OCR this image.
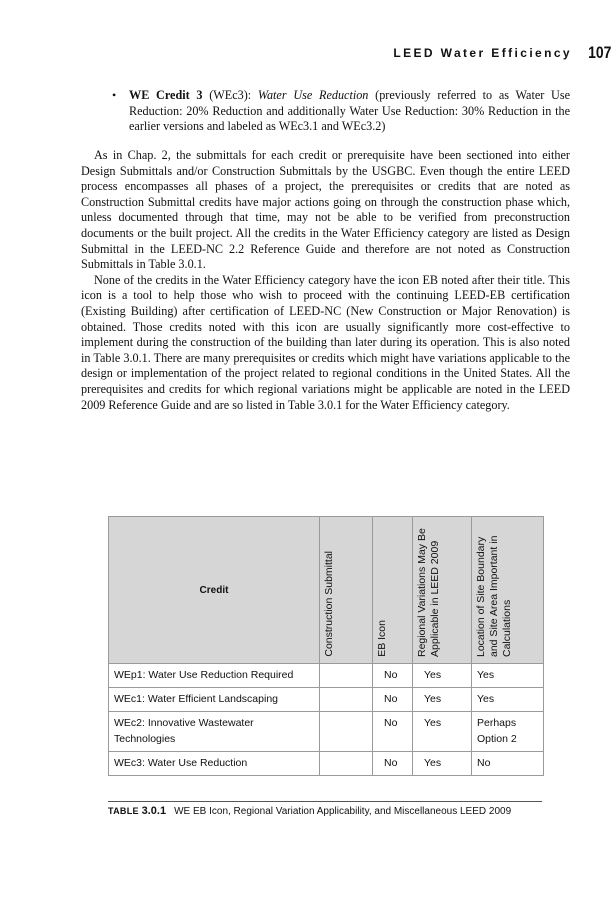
LEED Water Efficiency 107
• WE Credit 3 (WEc3): Water Use Reduction (previously referred to as Water Use Reduction: 20% Reduction and additionally Water Use Reduction: 30% Reduction in the earlier versions and labeled as WEc3.1 and WEc3.2)

As in Chap. 2, the submittals for each credit or prerequisite have been sectioned into either Design Submittals and/or Construction Submittals by the USGBC. Even though the entire LEED process encompasses all phases of a project, the prerequisites or credits that are noted as Construction Submittal credits have major actions going on through the construction phase which, unless documented through that time, may not be able to be verified from preconstruction documents or the built project. All the credits in the Water Efficiency category are listed as Design Submittal in the LEED-NC 2.2 Reference Guide and therefore are not noted as Construction Submittals in Table 3.0.1.

None of the credits in the Water Efficiency category have the icon EB noted after their title. This icon is a tool to help those who wish to proceed with the continuing LEED-EB certification (Existing Building) after certification of LEED-NC (New Construction or Major Renovation) is obtained. Those credits noted with this icon are usually significantly more cost-effective to implement during the construction of the building than later during its operation. This is also noted in Table 3.0.1. There are many prerequisites or credits which might have variations applicable to the design or implementation of the project related to regional conditions in the United States. All the prerequisites and credits for which regional variations might be applicable are noted in the LEED 2009 Reference Guide and are so listed in Table 3.0.1 for the Water Efficiency category.

Credit	Construction Submittal	EB Icon	Regional Variations May Be Applicable in LEED 2009	Location of Site Boundary and Site Area Important in Calculations

WEp1: Water Use Reduction Required		No	Yes	Yes
WEc1: Water Efficient Landscaping		No	Yes	Yes
WEc2: Innovative Wastewater Technologies		No	Yes	Perhaps Option 2
WEc3: Water Use Reduction		No	Yes	No
TABLE 3.0.1 WE EB Icon, Regional Variation Applicability, and Miscellaneous LEED 2009
